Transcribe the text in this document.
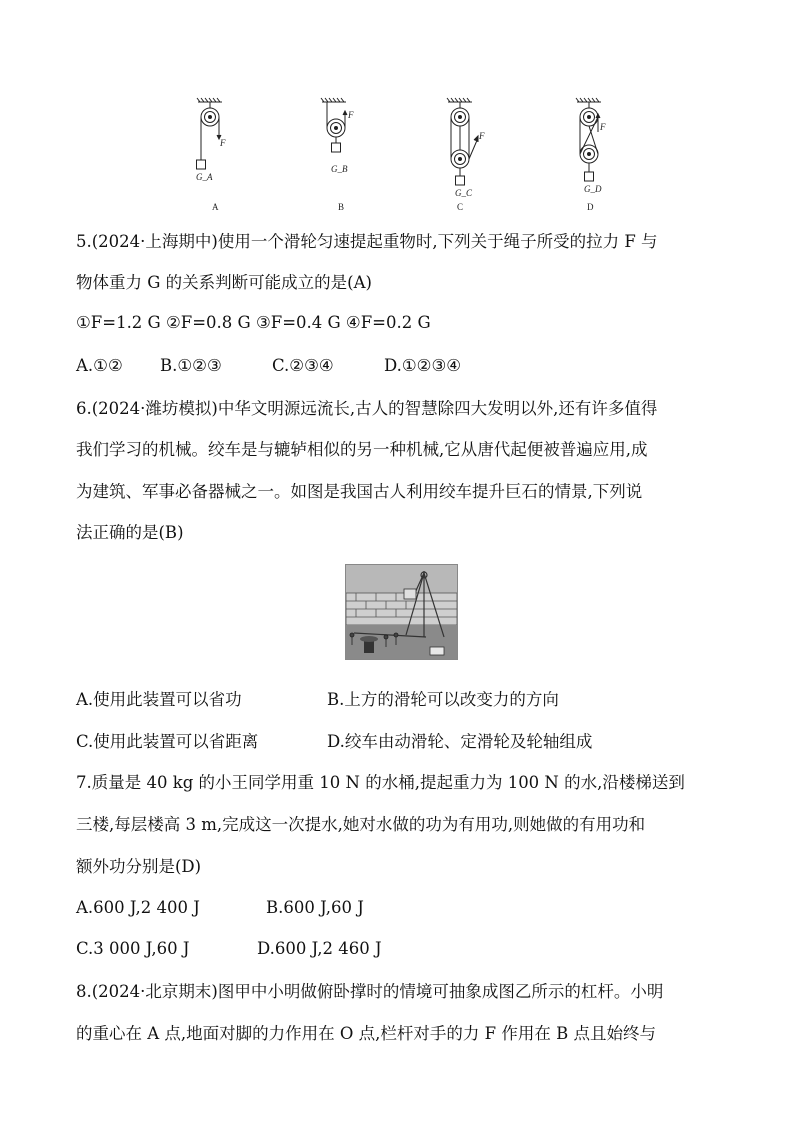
F
F
F
F
G_A
G_B
G_C	G_D
A	B	C	D
5.(2024·上海期中)使用一个滑轮匀速提起重物时,下列关于绳子所受的拉力 F 与
物体重力 G 的关系判断可能成立的是(A)
①F=1.2 G ②F=0.8 G ③F=0.4 G ④F=0.2 G
A.①② B.①②③	C.②③④	D.①②③④
6.(2024·潍坊模拟)中华文明源远流长,古人的智慧除四大发明以外,还有许多值得
我们学习的机械。绞车是与辘轳相似的另一种机械,它从唐代起便被普遍应用,成
为建筑、军事必备器械之一。如图是我国古人利用绞车提升巨石的情景,下列说
法正确的是(B)
A.使用此装置可以省功	B.上方的滑轮可以改变力的方向
C.使用此装置可以省距离	D.绞车由动滑轮、定滑轮及轮轴组成
7.质量是 40 kg 的小王同学用重 10 N 的水桶,提起重力为 100 N 的水,沿楼梯送到
三楼,每层楼高 3 m,完成这一次提水,她对水做的功为有用功,则她做的有用功和
额外功分别是(D)
A.600 J,2 400 J	B.600 J,60 J
C.3 000 J,60 J	D.600 J,2 460 J
8.(2024·北京期末)图甲中小明做俯卧撑时的情境可抽象成图乙所示的杠杆。小明
的重心在 A 点,地面对脚的力作用在 O 点,栏杆对手的力 F 作用在 B 点且始终与
